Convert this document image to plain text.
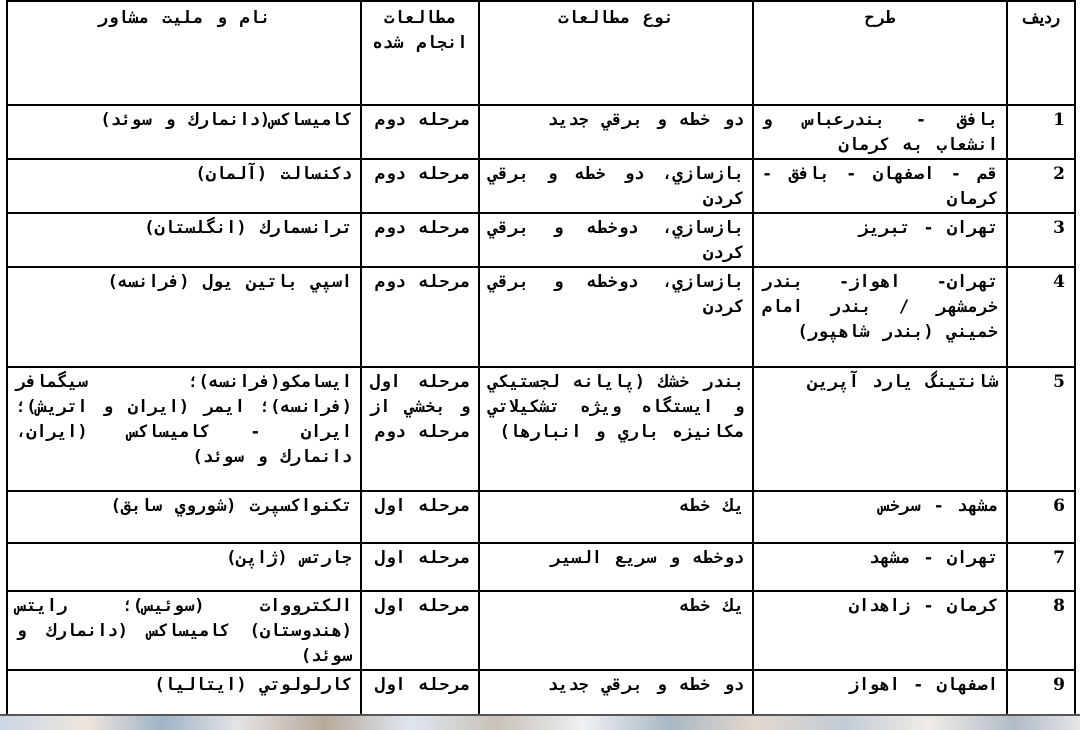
ردیف	طرح	نوع مطالعات	مطالعات انجام شده	نام و ملیت مشاور
1	بافق - بندرعباس و انشعاب به كرمان	دو خطه و برقي جديد	مرحله دوم	كاميساكس(دانمارك و سوئد)
2	قم - اصفهان - بافق - كرمان	بازسازي، دو خطه و برقي كردن	مرحله دوم	دكنسالت (آلمان)
3	تهران - تبريز	بازسازي، دوخطه و برقي كردن	مرحله دوم	ترانسمارك (انگلستان)
4	تهران- اهواز- بندر خرمشهر / بندر امام خميني (بندر شاهپور)	بازسازي، دوخطه و برقي كردن	مرحله دوم	اسپي باتين يول (فرانسه)
5	شانتينگ يارد آپرين	بندر خشك (پايانه لجستيكي و ايستگاه ويژه تشكيلاتي مكانيزه باري و انبارها)	مرحله اول و بخشي از مرحله دوم	ايسامكو(فرانسه)؛ سيگمافر (فرانسه)؛ ايمر (ايران و اتريش)؛ ايران - كاميساكس (ايران، دانمارك و سوئد)
6	مشهد - سرخس	يك خطه	مرحله اول	تكنواكسپرت (شوروي سابق)
7	تهران - مشهد	دوخطه و سريع السير	مرحله اول	جارتس (ژاپن)
8	كرمان - زاهدان	يك خطه	مرحله اول	الكترووات (سوئيس)؛ رايتس (هندوستان) كاميساكس (دانمارك و سوئد)
9	اصفهان - اهواز	دو خطه و برقي جديد	مرحله اول	كارلولوتي (ايتاليا)
